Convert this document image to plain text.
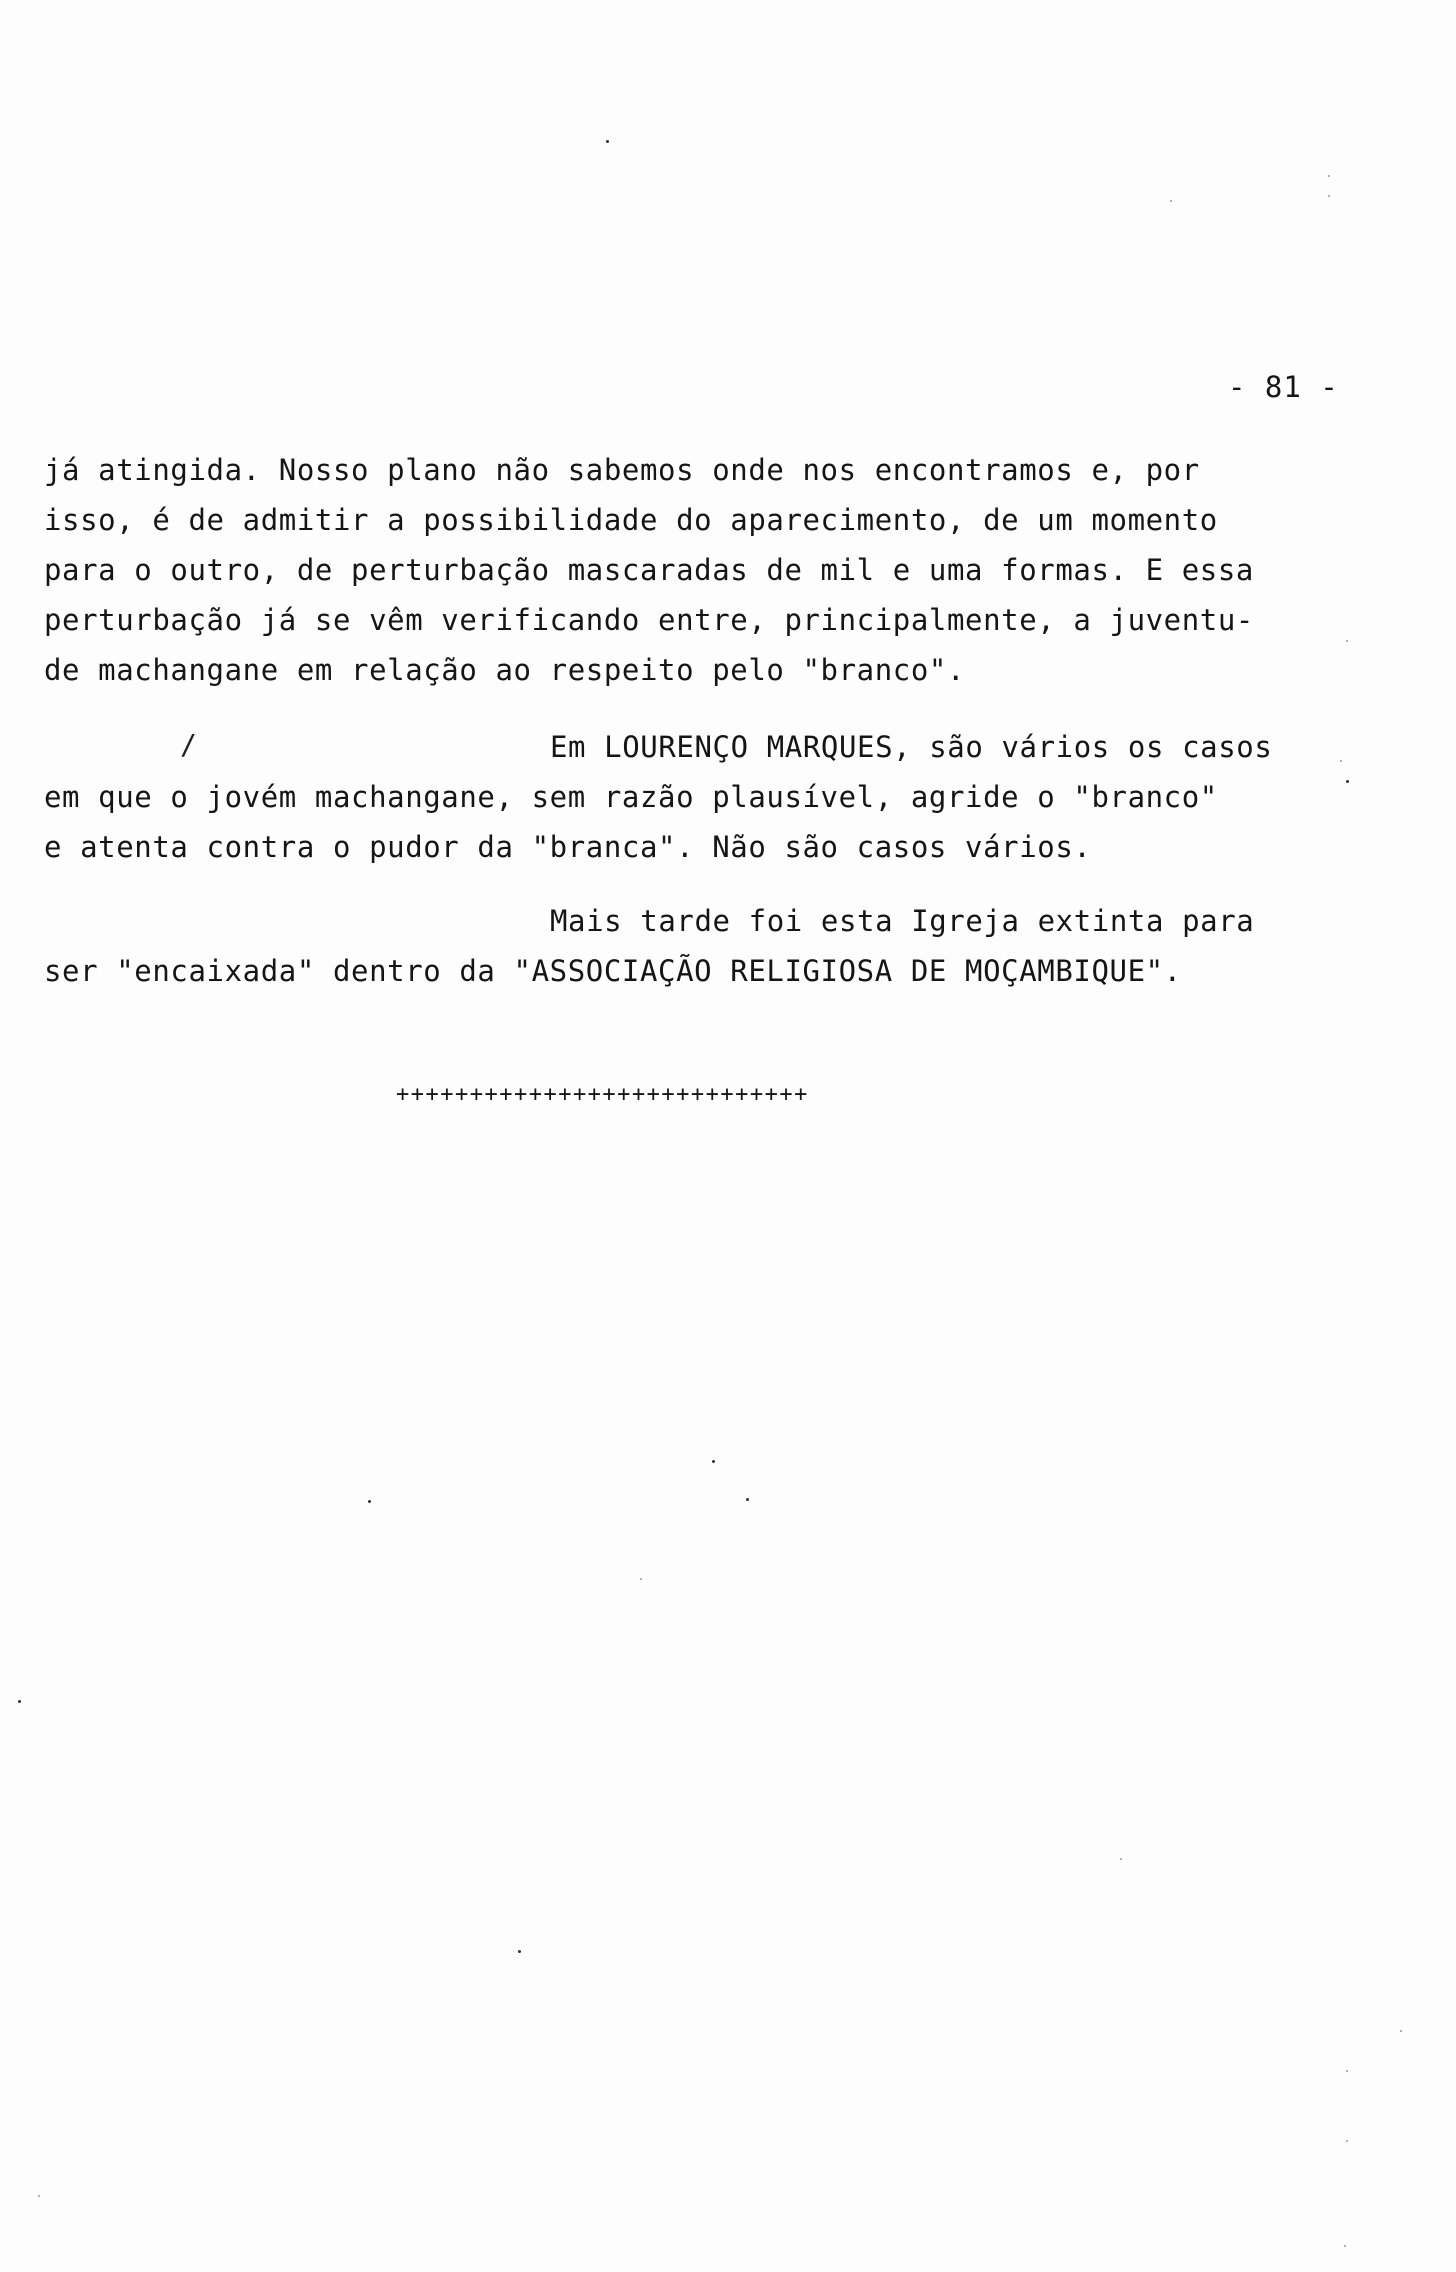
- 81 -
já atingida. Nosso plano não sabemos onde nos encontramos e, por
isso, é de admitir a possibilidade do aparecimento, de um momento
para o outro, de perturbação mascaradas de mil e uma formas. E essa
perturbação já se vêm verificando entre, principalmente, a juventu-
de machangane em relação ao respeito pelo "branco".
Em LOURENÇO MARQUES, são vários os casos
em que o jovém machangane, sem razão plausível, agride o "branco"
e atenta contra o pudor da "branca". Não são casos vários.
Mais tarde foi esta Igreja extinta para
ser "encaixada" dentro da "ASSOCIAÇÃO RELIGIOSA DE MOÇAMBIQUE".
++++++++++++++++++++++++++++
/
